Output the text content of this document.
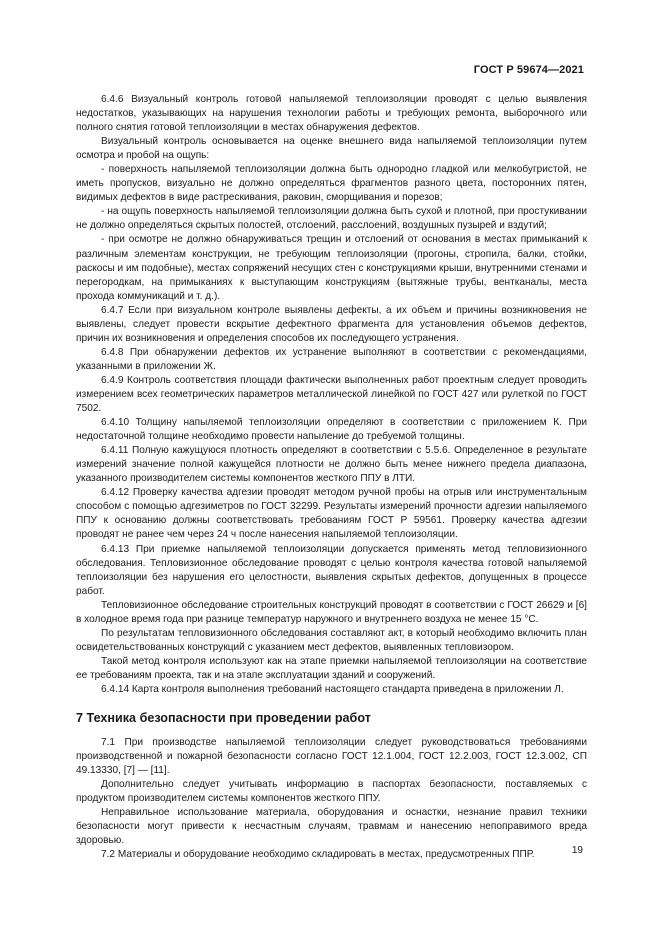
ГОСТ Р 59674—2021

6.4.6 Визуальный контроль готовой напыляемой теплоизоляции проводят с целью выявления недостатков, указывающих на нарушения технологии работы и требующих ремонта, выборочного или полного снятия готовой теплоизоляции в местах обнаружения дефектов.

Визуальный контроль основывается на оценке внешнего вида напыляемой теплоизоляции путем осмотра и пробой на ощупь:

- поверхность напыляемой теплоизоляции должна быть однородно гладкой или мелкобугристой, не иметь пропусков, визуально не должно определяться фрагментов разного цвета, посторонних пятен, видимых дефектов в виде растрескивания, раковин, сморщивания и порезов;

- на ощупь поверхность напыляемой теплоизоляции должна быть сухой и плотной, при простукивании не должно определяться скрытых полостей, отслоений, расслоений, воздушных пузырей и вздутий;

- при осмотре не должно обнаруживаться трещин и отслоений от основания в местах примыканий к различным элементам конструкции, не требующим теплоизоляции (прогоны, стропила, балки, стойки, раскосы и им подобные), местах сопряжений несущих стен с конструкциями крыши, внутренними стенами и перегородкам, на примыканиях к выступающим конструкциям (вытяжные трубы, вентканалы, места прохода коммуникаций и т. д.).

6.4.7 Если при визуальном контроле выявлены дефекты, а их объем и причины возникновения не выявлены, следует провести вскрытие дефектного фрагмента для установления объемов дефектов, причин их возникновения и определения способов их последующего устранения.

6.4.8 При обнаружении дефектов их устранение выполняют в соответствии с рекомендациями, указанными в приложении Ж.

6.4.9 Контроль соответствия площади фактически выполненных работ проектным следует проводить измерением всех геометрических параметров металлической линейкой по ГОСТ 427 или рулеткой по ГОСТ 7502.

6.4.10 Толщину напыляемой теплоизоляции определяют в соответствии с приложением К. При недостаточной толщине необходимо провести напыление до требуемой толщины.

6.4.11 Полную кажущуюся плотность определяют в соответствии с 5.5.6. Определенное в результате измерений значение полной кажущейся плотности не должно быть менее нижнего предела диапазона, указанного производителем системы компонентов жесткого ППУ в ЛТИ.

6.4.12 Проверку качества адгезии проводят методом ручной пробы на отрыв или инструментальным способом с помощью адгезиметров по ГОСТ 32299. Результаты измерений прочности адгезии напыляемого ППУ к основанию должны соответствовать требованиям ГОСТ Р 59561. Проверку качества адгезии проводят не ранее чем через 24 ч после нанесения напыляемой теплоизоляции.

6.4.13 При приемке напыляемой теплоизоляции допускается применять метод тепловизионного обследования. Тепловизионное обследование проводят с целью контроля качества готовой напыляемой теплоизоляции без нарушения его целостности, выявления скрытых дефектов, допущенных в процессе работ.

Тепловизионное обследование строительных конструкций проводят в соответствии с ГОСТ 26629 и [6] в холодное время года при разнице температур наружного и внутреннего воздуха не менее 15 °С.

По результатам тепловизионного обследования составляют акт, в который необходимо включить план освидетельствованных конструкций с указанием мест дефектов, выявленных тепловизором.

Такой метод контроля используют как на этапе приемки напыляемой теплоизоляции на соответствие ее требованиям проекта, так и на этапе эксплуатации зданий и сооружений.

6.4.14 Карта контроля выполнения требований настоящего стандарта приведена в приложении Л.

7 Техника безопасности при проведении работ

7.1 При производстве напыляемой теплоизоляции следует руководствоваться требованиями производственной и пожарной безопасности согласно ГОСТ 12.1.004, ГОСТ 12.2.003, ГОСТ 12.3.002, СП 49.13330, [7] — [11].

Дополнительно следует учитывать информацию в паспортах безопасности, поставляемых с продуктом производителем системы компонентов жесткого ППУ.

Неправильное использование материала, оборудования и оснастки, незнание правил техники безопасности могут привести к несчастным случаям, травмам и нанесению непоправимого вреда здоровью.

7.2 Материалы и оборудование необходимо складировать в местах, предусмотренных ППР.	19
